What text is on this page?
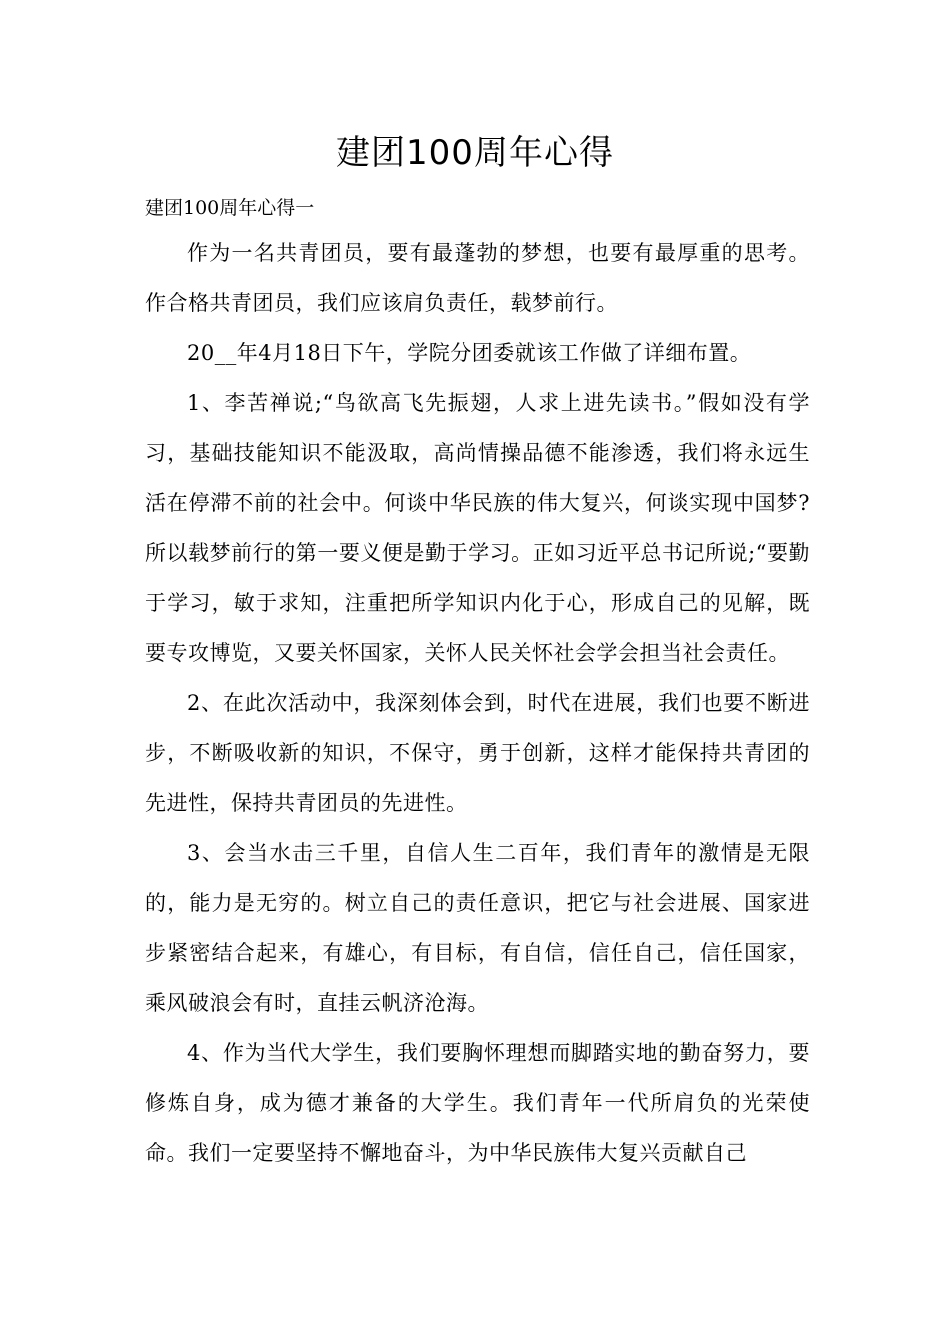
建团100周年心得
建团100周年心得一

作为一名共青团员，要有最蓬勃的梦想，也要有最厚重的思考。作合格共青团员，我们应该肩负责任，载梦前行。

20__年4月18日下午，学院分团委就该工作做了详细布置。

1、李苦禅说;“鸟欲高飞先振翅，人求上进先读书。”假如没有学习，基础技能知识不能汲取，高尚情操品德不能渗透，我们将永远生活在停滞不前的社会中。何谈中华民族的伟大复兴，何谈实现中国梦?所以载梦前行的第一要义便是勤于学习。正如习近平总书记所说;“要勤于学习，敏于求知，注重把所学知识内化于心，形成自己的见解，既要专攻博览，又要关怀国家，关怀人民关怀社会学会担当社会责任。

2、在此次活动中，我深刻体会到，时代在进展，我们也要不断进步，不断吸收新的知识，不保守，勇于创新，这样才能保持共青团的先进性，保持共青团员的先进性。

3、会当水击三千里，自信人生二百年，我们青年的激情是无限的，能力是无穷的。树立自己的责任意识，把它与社会进展、国家进步紧密结合起来，有雄心，有目标，有自信，信任自己，信任国家，乘风破浪会有时，直挂云帆济沧海。

4、作为当代大学生，我们要胸怀理想而脚踏实地的勤奋努力，要修炼自身，成为德才兼备的大学生。我们青年一代所肩负的光荣使命。我们一定要坚持不懈地奋斗，为中华民族伟大复兴贡献自己
